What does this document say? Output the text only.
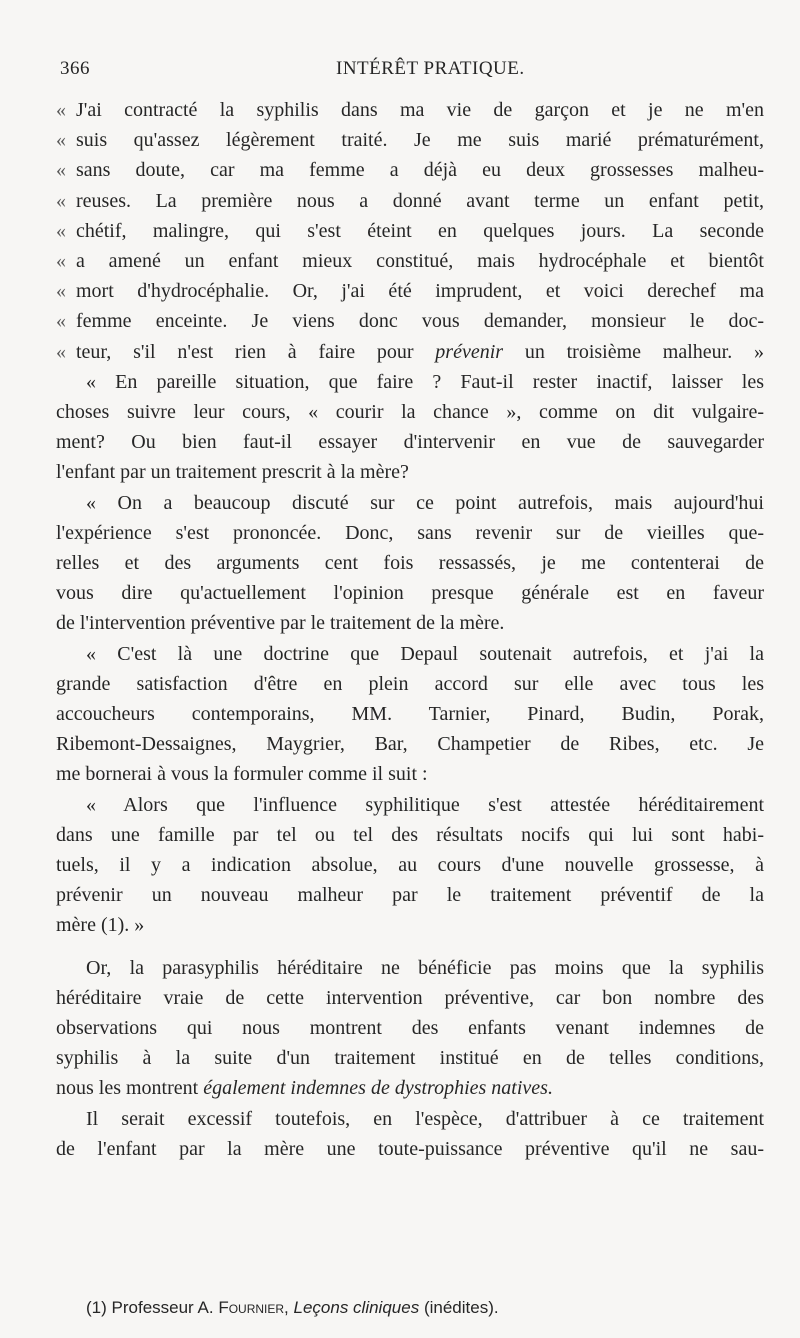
366	INTÉRÊT PRATIQUE.
« J'ai contracté la syphilis dans ma vie de garçon et je ne m'en
« suis qu'assez légèrement traité. Je me suis marié prématurément,
« sans doute, car ma femme a déjà eu deux grossesses malheu-
« reuses. La première nous a donné avant terme un enfant petit,
« chétif, malingre, qui s'est éteint en quelques jours. La seconde
« a amené un enfant mieux constitué, mais hydrocéphale et bientôt
« mort d'hydrocéphalie. Or, j'ai été imprudent, et voici derechef ma
« femme enceinte. Je viens donc vous demander, monsieur le doc-
« teur, s'il n'est rien à faire pour prévenir un troisième malheur. »
« En pareille situation, que faire ? Faut-il rester inactif, laisser les
choses suivre leur cours, « courir la chance », comme on dit vulgaire-
ment? Ou bien faut-il essayer d'intervenir en vue de sauvegarder
l'enfant par un traitement prescrit à la mère?
« On a beaucoup discuté sur ce point autrefois, mais aujourd'hui
l'expérience s'est prononcée. Donc, sans revenir sur de vieilles que-
relles et des arguments cent fois ressassés, je me contenterai de
vous dire qu'actuellement l'opinion presque générale est en faveur
de l'intervention préventive par le traitement de la mère.
« C'est là une doctrine que Depaul soutenait autrefois, et j'ai la
grande satisfaction d'être en plein accord sur elle avec tous les
accoucheurs contemporains, MM. Tarnier, Pinard, Budin, Porak,
Ribemont-Dessaignes, Maygrier, Bar, Champetier de Ribes, etc. Je
me bornerai à vous la formuler comme il suit :
« Alors que l'influence syphilitique s'est attestée héréditairement
dans une famille par tel ou tel des résultats nocifs qui lui sont habi-
tuels, il y a indication absolue, au cours d'une nouvelle grossesse, à
prévenir un nouveau malheur par le traitement préventif de la
mère (1). »
Or, la parasyphilis héréditaire ne bénéficie pas moins que la syphilis
héréditaire vraie de cette intervention préventive, car bon nombre des
observations qui nous montrent des enfants venant indemnes de
syphilis à la suite d'un traitement institué en de telles conditions,
nous les montrent également indemnes de dystrophies natives.
Il serait excessif toutefois, en l'espèce, d'attribuer à ce traitement
de l'enfant par la mère une toute-puissance préventive qu'il ne sau-
(1) Professeur A. Fournier, Leçons cliniques (inédites).
